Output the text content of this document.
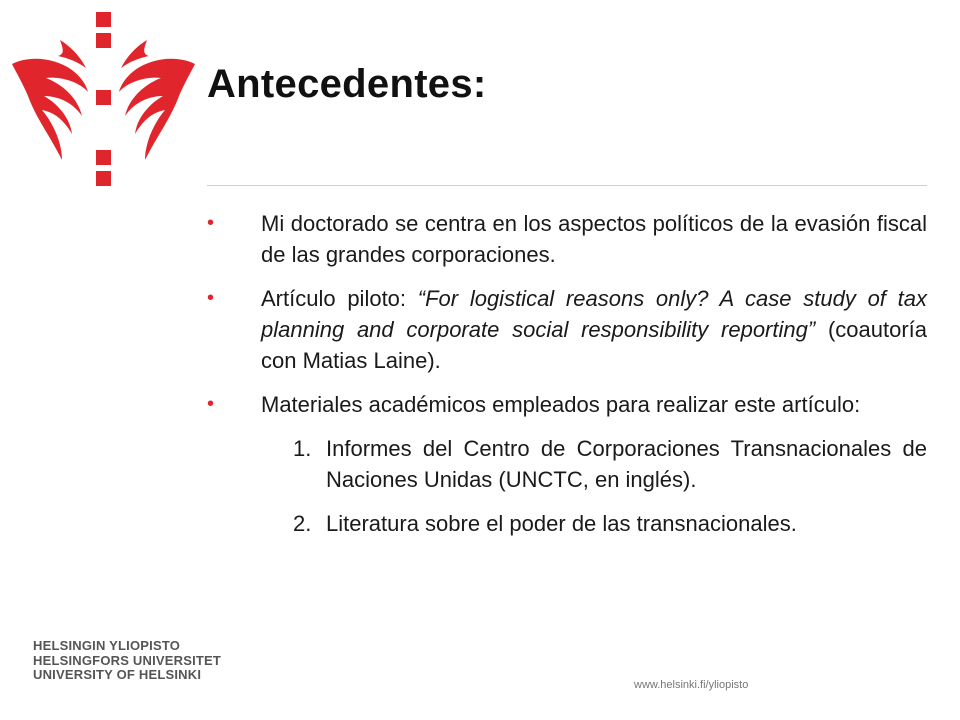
Antecedentes:
• Mi doctorado se centra en los aspectos políticos de la evasión fiscal de las grandes corporaciones.
• Artículo piloto: “For logistical reasons only? A case study of tax planning and corporate social responsibility reporting” (coautoría con Matias Laine).
• Materiales académicos empleados para realizar este artículo:
1. Informes del Centro de Corporaciones Transnacionales de Naciones Unidas (UNCTC, en inglés).
2. Literatura sobre el poder de las transnacionales.
HELSINGIN YLIOPISTO
HELSINGFORS UNIVERSITET
UNIVERSITY OF HELSINKI
www.helsinki.fi/yliopisto
